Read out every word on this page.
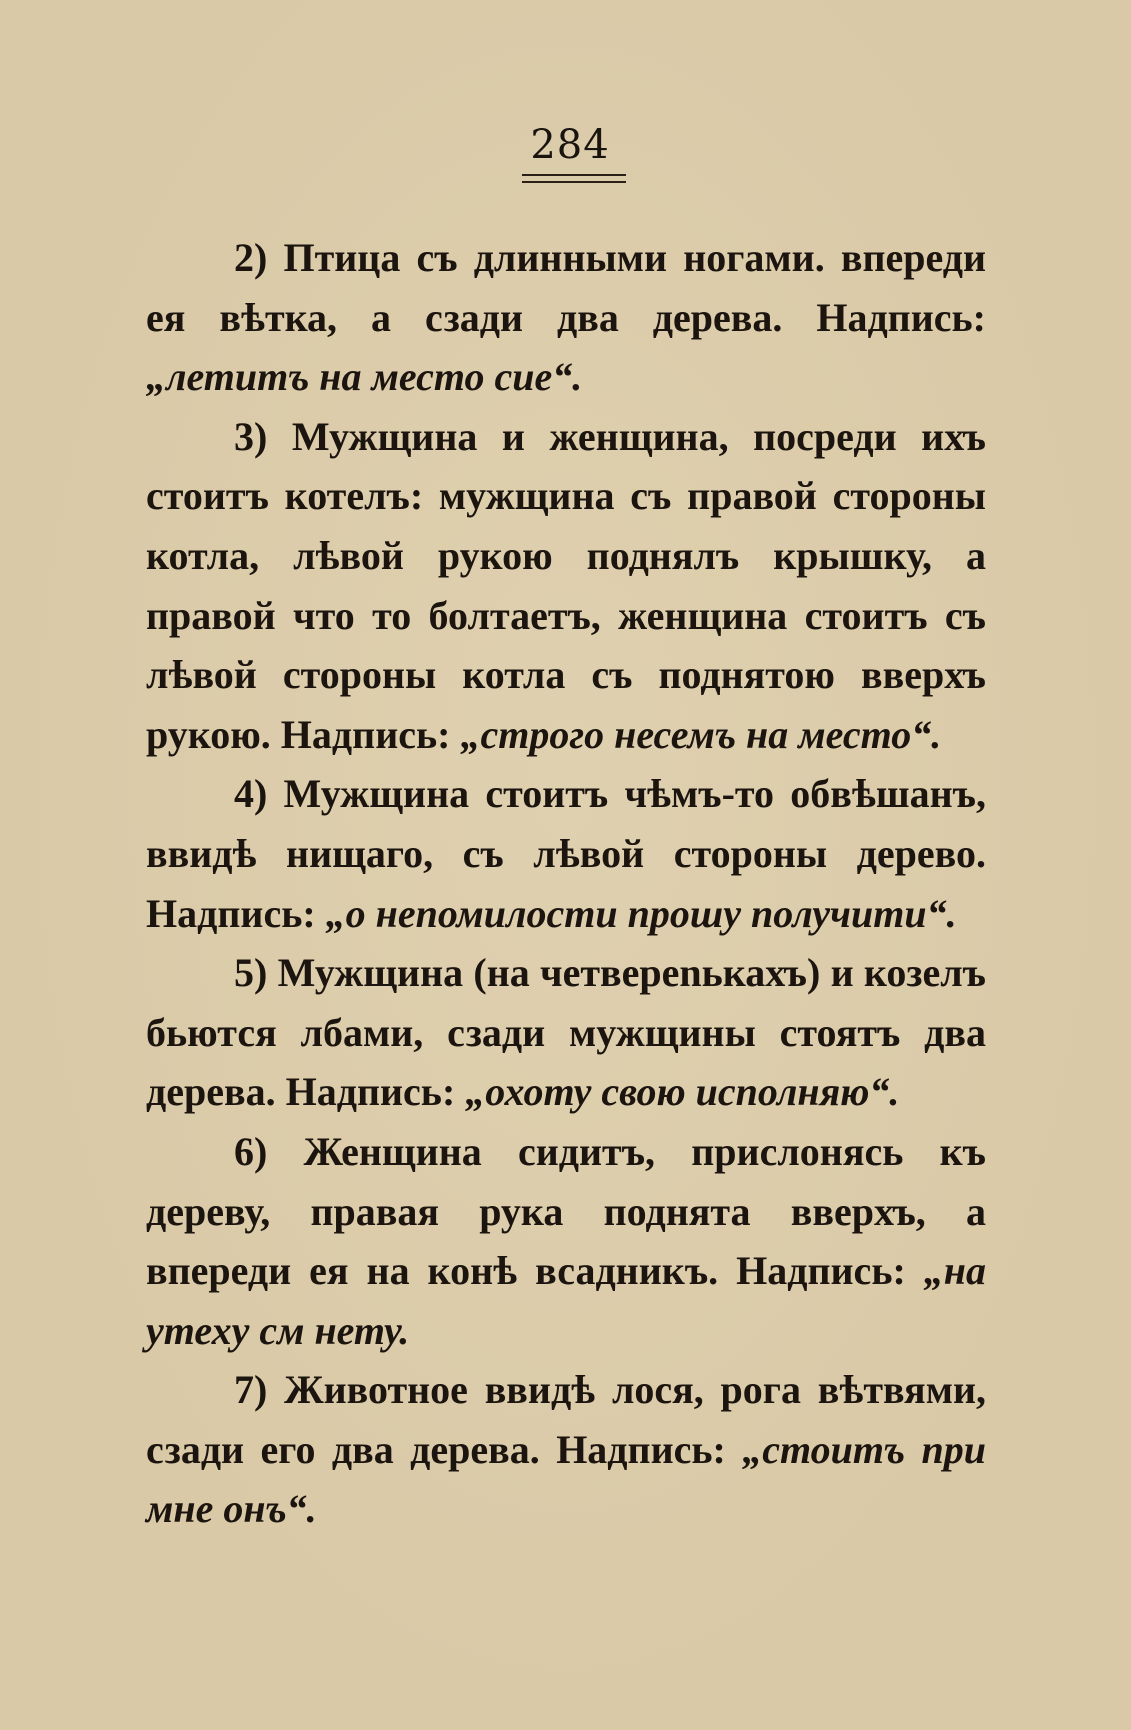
284

2) Птица съ длинными ногами. впереди ея вѣтка, а сзади два дерева. Надпись: „летитъ на место сие“.

3) Мужщина и женщина, посреди ихъ стоитъ котелъ: мужщина съ правой стороны котла, лѣвой рукою поднялъ крышку, а правой что то болтаетъ, женщина стоитъ съ лѣвой стороны котла съ поднятою вверхъ рукою. Надпись: „строго несемъ на место“.

4) Мужщина стоитъ чѣмъ-то обвѣшанъ, ввидѣ нищаго, съ лѣвой стороны дерево. Надпись: „о непомилости прошу получити“.

5) Мужщина (на четвереnькахъ) и козелъ бьются лбами, сзади мужщины стоятъ два дерева. Надпись: „охоту свою исполняю“.

6) Женщина сидитъ, прислонясь къ дереву, правая рука поднята вверхъ, а впереди ея на конѣ всадникъ. Надпись: „на утеху см нету.

7) Животное ввидѣ лося, рога вѣтвями, сзади его два дерева. Надпись: „стоитъ при мне онъ“.
